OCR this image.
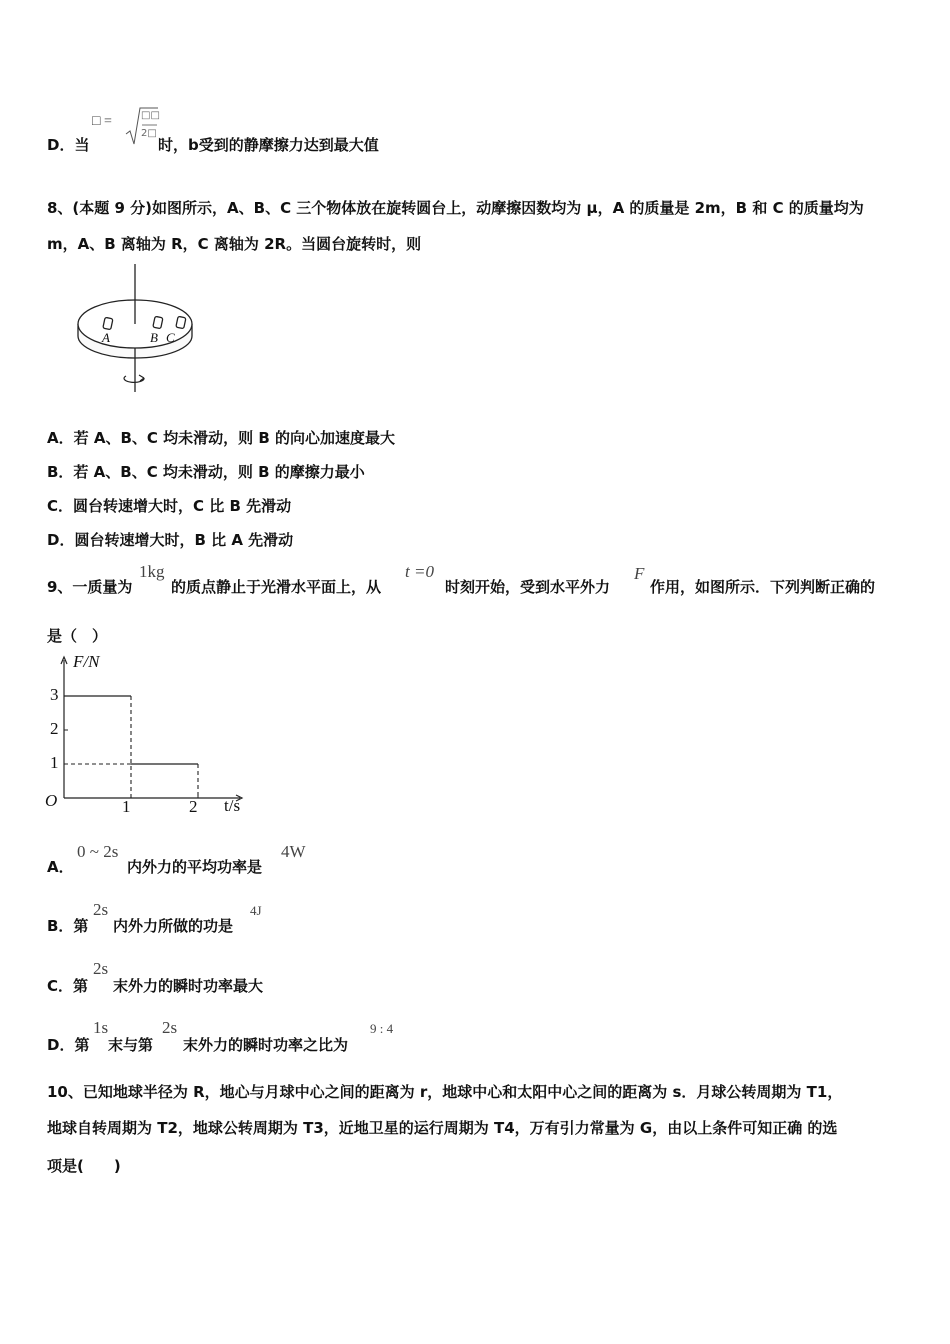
D．当
□ =	□□
2□
时，b受到的静摩擦力达到最大值
8、(本题 9 分)如图所示，A、B、C 三个物体放在旋转圆台上，动摩擦因数均为 μ，A 的质量是 2m，B 和 C 的质量均为
m，A、B 离轴为 R，C 离轴为 2R。当圆台旋转时，则
A	B C
A．若 A、B、C 均未滑动，则 B 的向心加速度最大
B．若 A、B、C 均未滑动，则 B 的摩擦力最小
C．圆台转速增大时，C 比 B 先滑动
D．圆台转速增大时，B 比 A 先滑动
9、一质量为
1kg
的质点静止于光滑水平面上，从
t =0
时刻开始，受到水平外力
F
作用，如图所示．下列判断正确的
是（　）
F/N
t/s
O
1
2
3
1	2
A．
0 ~ 2s
内外力的平均功率是
4W
B．第
2s
内外力所做的功是
4J
C．第
2s
末外力的瞬时功率最大
D．第
1s
末与第
2s
末外力的瞬时功率之比为
9 : 4
10、已知地球半径为 R，地心与月球中心之间的距离为 r，地球中心和太阳中心之间的距离为 s．月球公转周期为 T1，
地球自转周期为 T2，地球公转周期为 T3，近地卫星的运行周期为 T4，万有引力常量为 G，由以上条件可知正确 的选
项是(　　)
